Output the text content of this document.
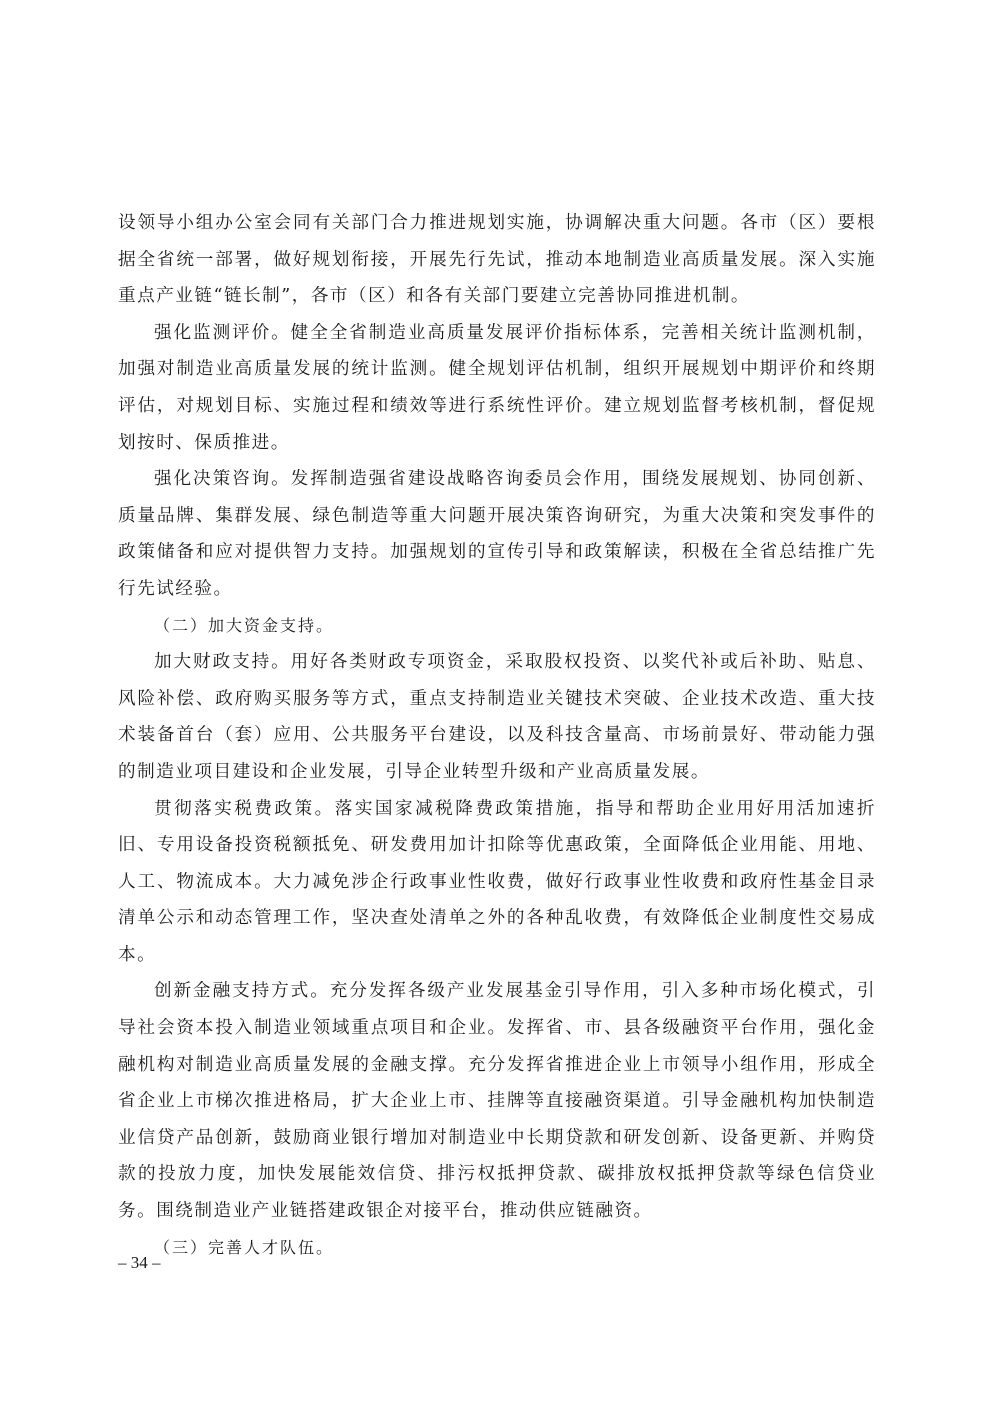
设领导小组办公室会同有关部门合力推进规划实施，协调解决重大问题。各市（区）要根据全省统一部署，做好规划衔接，开展先行先试，推动本地制造业高质量发展。深入实施重点产业链“链长制”，各市（区）和各有关部门要建立完善协同推进机制。

强化监测评价。健全全省制造业高质量发展评价指标体系，完善相关统计监测机制，加强对制造业高质量发展的统计监测。健全规划评估机制，组织开展规划中期评价和终期评估，对规划目标、实施过程和绩效等进行系统性评价。建立规划监督考核机制，督促规划按时、保质推进。

强化决策咨询。发挥制造强省建设战略咨询委员会作用，围绕发展规划、协同创新、质量品牌、集群发展、绿色制造等重大问题开展决策咨询研究，为重大决策和突发事件的政策储备和应对提供智力支持。加强规划的宣传引导和政策解读，积极在全省总结推广先行先试经验。

（二）加大资金支持。

加大财政支持。用好各类财政专项资金，采取股权投资、以奖代补或后补助、贴息、风险补偿、政府购买服务等方式，重点支持制造业关键技术突破、企业技术改造、重大技术装备首台（套）应用、公共服务平台建设，以及科技含量高、市场前景好、带动能力强的制造业项目建设和企业发展，引导企业转型升级和产业高质量发展。

贯彻落实税费政策。落实国家减税降费政策措施，指导和帮助企业用好用活加速折旧、专用设备投资税额抵免、研发费用加计扣除等优惠政策，全面降低企业用能、用地、人工、物流成本。大力减免涉企行政事业性收费，做好行政事业性收费和政府性基金目录清单公示和动态管理工作，坚决查处清单之外的各种乱收费，有效降低企业制度性交易成本。

创新金融支持方式。充分发挥各级产业发展基金引导作用，引入多种市场化模式，引导社会资本投入制造业领域重点项目和企业。发挥省、市、县各级融资平台作用，强化金融机构对制造业高质量发展的金融支撑。充分发挥省推进企业上市领导小组作用，形成全省企业上市梯次推进格局，扩大企业上市、挂牌等直接融资渠道。引导金融机构加快制造业信贷产品创新，鼓励商业银行增加对制造业中长期贷款和研发创新、设备更新、并购贷款的投放力度，加快发展能效信贷、排污权抵押贷款、碳排放权抵押贷款等绿色信贷业务。围绕制造业产业链搭建政银企对接平台，推动供应链融资。

（三）完善人才队伍。

– 34 –
